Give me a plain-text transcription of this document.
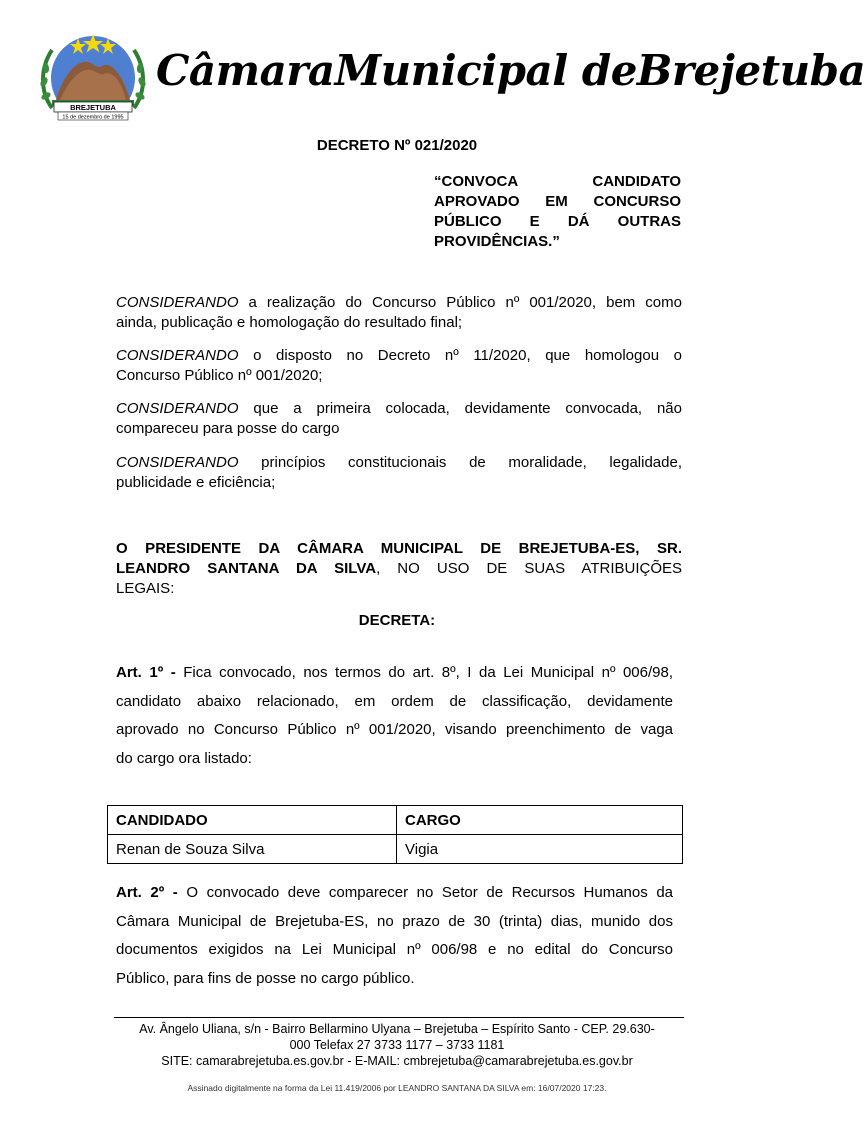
BREJETUBA
15 de dezembro de 1995
CâmaraMunicipal deBrejetuba
DECRETO Nº 021/2020
“CONVOCA CANDIDATO
APROVADO EM CONCURSO
PÚBLICO E DÁ OUTRAS
PROVIDÊNCIAS.”
CONSIDERANDO a realização do Concurso Público nº 001/2020, bem como
ainda, publicação e homologação do resultado final;
CONSIDERANDO o disposto no Decreto nº 11/2020, que homologou o
Concurso Público nº 001/2020;
CONSIDERANDO que a primeira colocada, devidamente convocada, não
compareceu para posse do cargo
CONSIDERANDO princípios constitucionais de moralidade, legalidade,
publicidade e eficiência;
O PRESIDENTE DA CÂMARA MUNICIPAL DE BREJETUBA-ES, SR.
LEANDRO SANTANA DA SILVA, NO USO DE SUAS ATRIBUIÇÕES
LEGAIS:
DECRETA:
Art. 1º - Fica convocado, nos termos do art. 8º, I da Lei Municipal nº 006/98,
candidato abaixo relacionado, em ordem de classificação, devidamente
aprovado no Concurso Público nº 001/2020, visando preenchimento de vaga
do cargo ora listado:
CANDIDADO	CARGO
Renan de Souza Silva	Vigia
Art. 2º - O convocado deve comparecer no Setor de Recursos Humanos da
Câmara Municipal de Brejetuba-ES, no prazo de 30 (trinta) dias, munido dos
documentos exigidos na Lei Municipal nº 006/98 e no edital do Concurso
Público, para fins de posse no cargo público.
Av. Ângelo Uliana, s/n - Bairro Bellarmino Ulyana – Brejetuba – Espírito Santo - CEP. 29.630-
000 Telefax 27 3733 1177 – 3733 1181
SITE: camarabrejetuba.es.gov.br - E-MAIL: cmbrejetuba@camarabrejetuba.es.gov.br
Assinado digitalmente na forma da Lei 11.419/2006 por LEANDRO SANTANA DA SILVA em: 16/07/2020 17:23.
